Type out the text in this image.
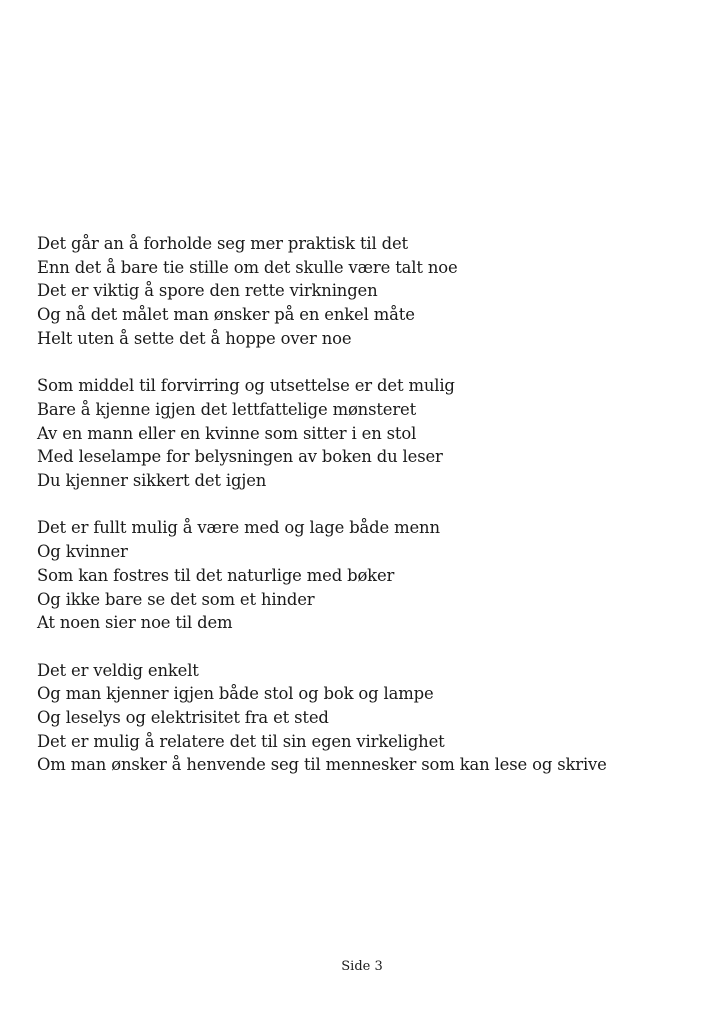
Det går an å forholde seg mer praktisk til det
Enn det å bare tie stille om det skulle være talt noe
Det er viktig å spore den rette virkningen
Og nå det målet man ønsker på en enkel måte
Helt uten å sette det å hoppe over noe
Som middel til forvirring og utsettelse er det mulig
Bare å kjenne igjen det lettfattelige mønsteret
Av en mann eller en kvinne som sitter i en stol
Med leselampe for belysningen av boken du leser
Du kjenner sikkert det igjen
Det er fullt mulig å være med og lage både menn
Og kvinner
Som kan fostres til det naturlige med bøker
Og ikke bare se det som et hinder
At noen sier noe til dem
Det er veldig enkelt
Og man kjenner igjen både stol og bok og lampe
Og leselys og elektrisitet fra et sted
Det er mulig å relatere det til sin egen virkelighet
Om man ønsker å henvende seg til mennesker som kan lese og skrive
Side 3
